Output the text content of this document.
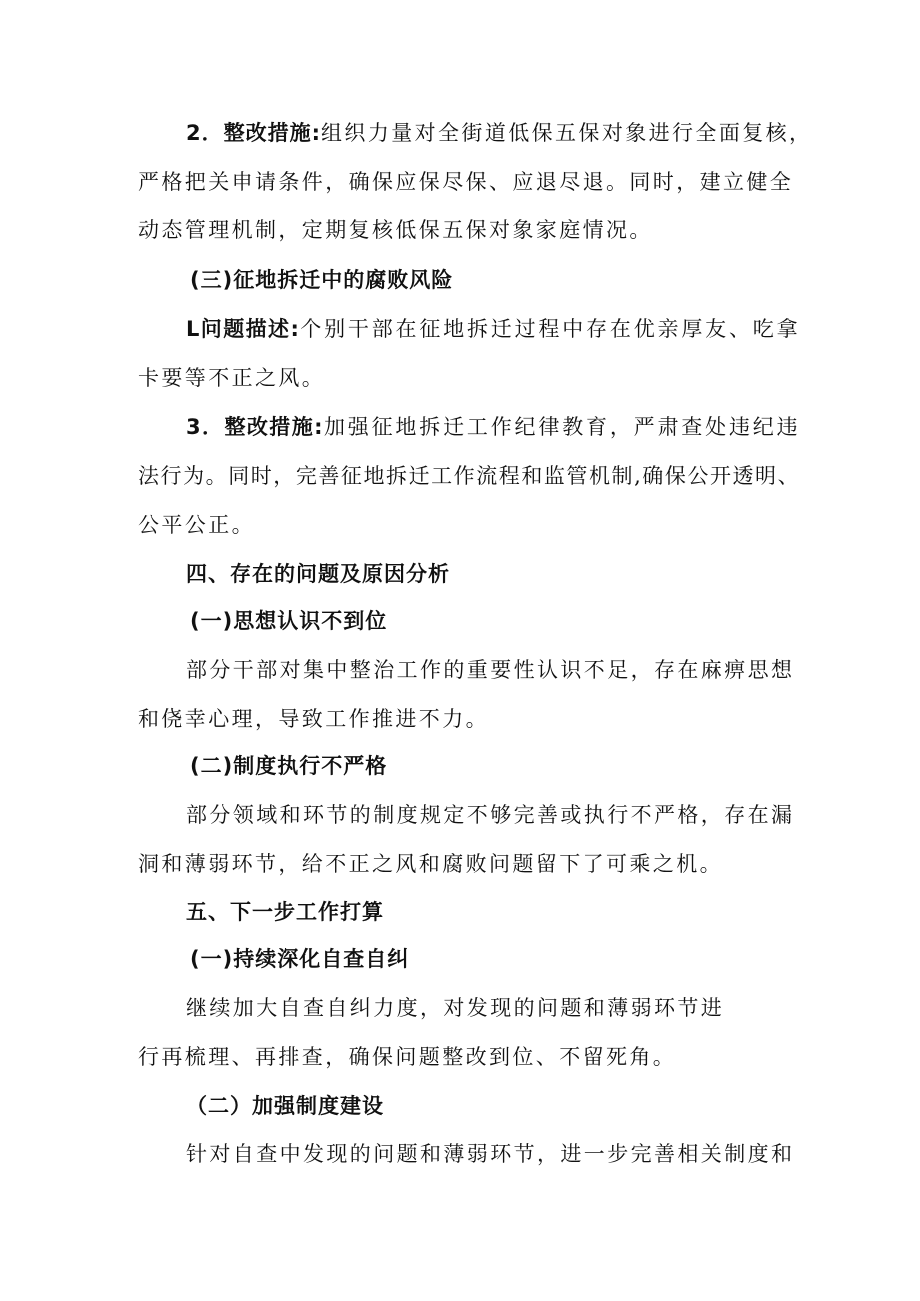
2．整改措施:组织力量对全街道低保五保对象进行全面复核，

严格把关申请条件，确保应保尽保、应退尽退。同时，建立健全

动态管理机制，定期复核低保五保对象家庭情况。

(三)征地拆迁中的腐败风险

L问题描述:个别干部在征地拆迁过程中存在优亲厚友、吃拿

卡要等不正之风。

3．整改措施:加强征地拆迁工作纪律教育，严肃查处违纪违

法行为。同时，完善征地拆迁工作流程和监管机制,确保公开透明、

公平公正。

四、存在的问题及原因分析

(一)思想认识不到位

部分干部对集中整治工作的重要性认识不足，存在麻痹思想

和侥幸心理，导致工作推进不力。

(二)制度执行不严格

部分领域和环节的制度规定不够完善或执行不严格，存在漏

洞和薄弱环节，给不正之风和腐败问题留下了可乘之机。

五、下一步工作打算

(一)持续深化自查自纠

继续加大自查自纠力度，对发现的问题和薄弱环节进

行再梳理、再排查，确保问题整改到位、不留死角。

（二）加强制度建设

针对自查中发现的问题和薄弱环节，进一步完善相关制度和
